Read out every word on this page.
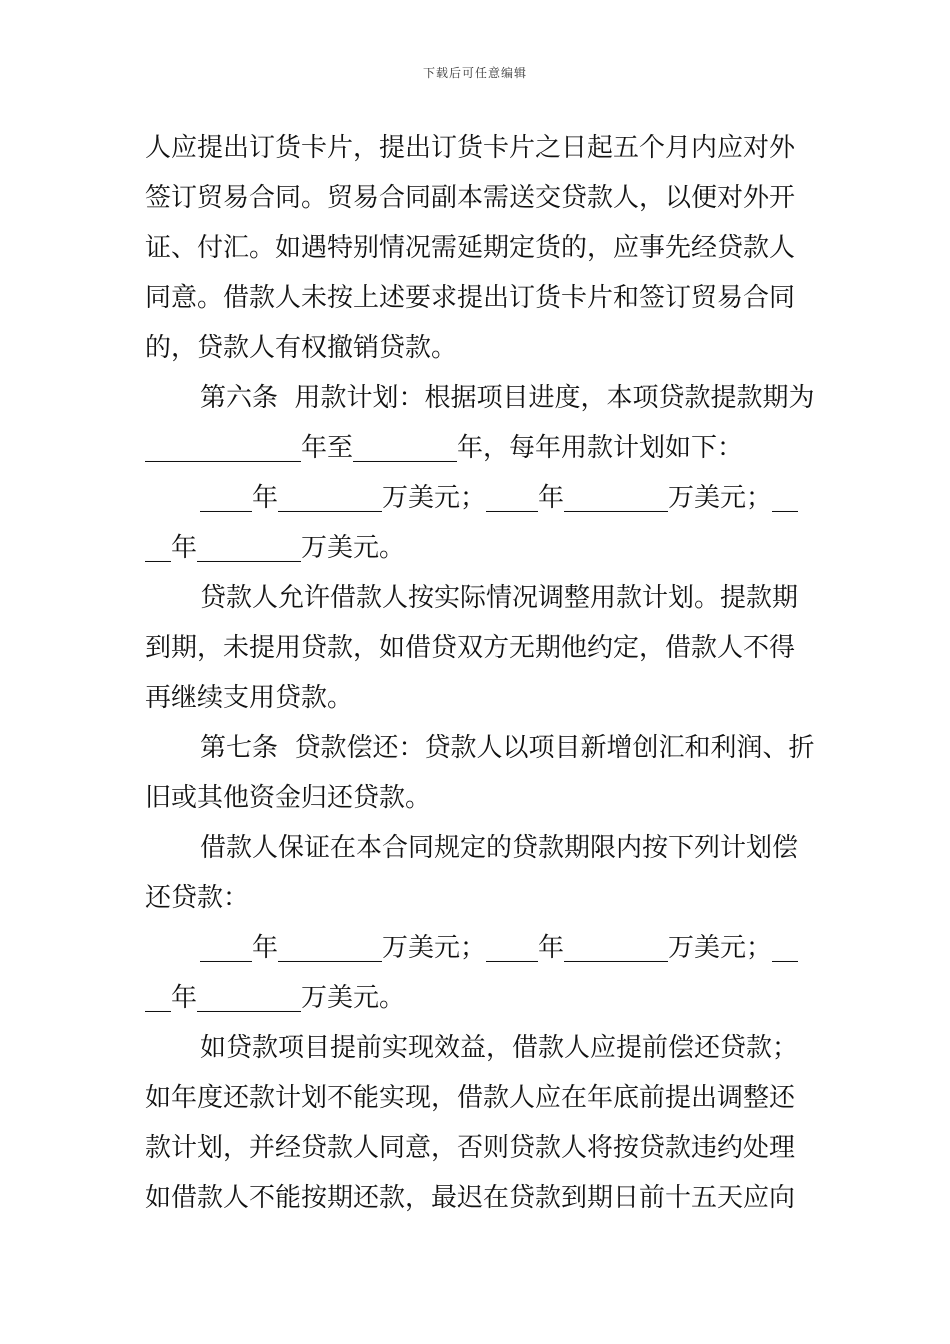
下载后可任意编辑
人应提出订货卡片，提出订货卡片之日起五个月内应对外
签订贸易合同。贸易合同副本需送交贷款人，以便对外开
证、付汇。如遇特别情况需延期定货的，应事先经贷款人
同意。借款人未按上述要求提出订货卡片和签订贸易合同
的，贷款人有权撤销贷款。
第六条  用款计划：根据项目进度，本项贷款提款期为
____________年至________年，每年用款计划如下：
____年________万美元；____年________万美元；__
__年________万美元。
贷款人允许借款人按实际情况调整用款计划。提款期
到期，未提用贷款，如借贷双方无期他约定，借款人不得
再继续支用贷款。
第七条  贷款偿还：贷款人以项目新增创汇和利润、折
旧或其他资金归还贷款。
借款人保证在本合同规定的贷款期限内按下列计划偿
还贷款：
____年________万美元；____年________万美元；__
__年________万美元。
如贷款项目提前实现效益，借款人应提前偿还贷款；
如年度还款计划不能实现，借款人应在年底前提出调整还
款计划，并经贷款人同意，否则贷款人将按贷款违约处理
如借款人不能按期还款，最迟在贷款到期日前十五天应向
